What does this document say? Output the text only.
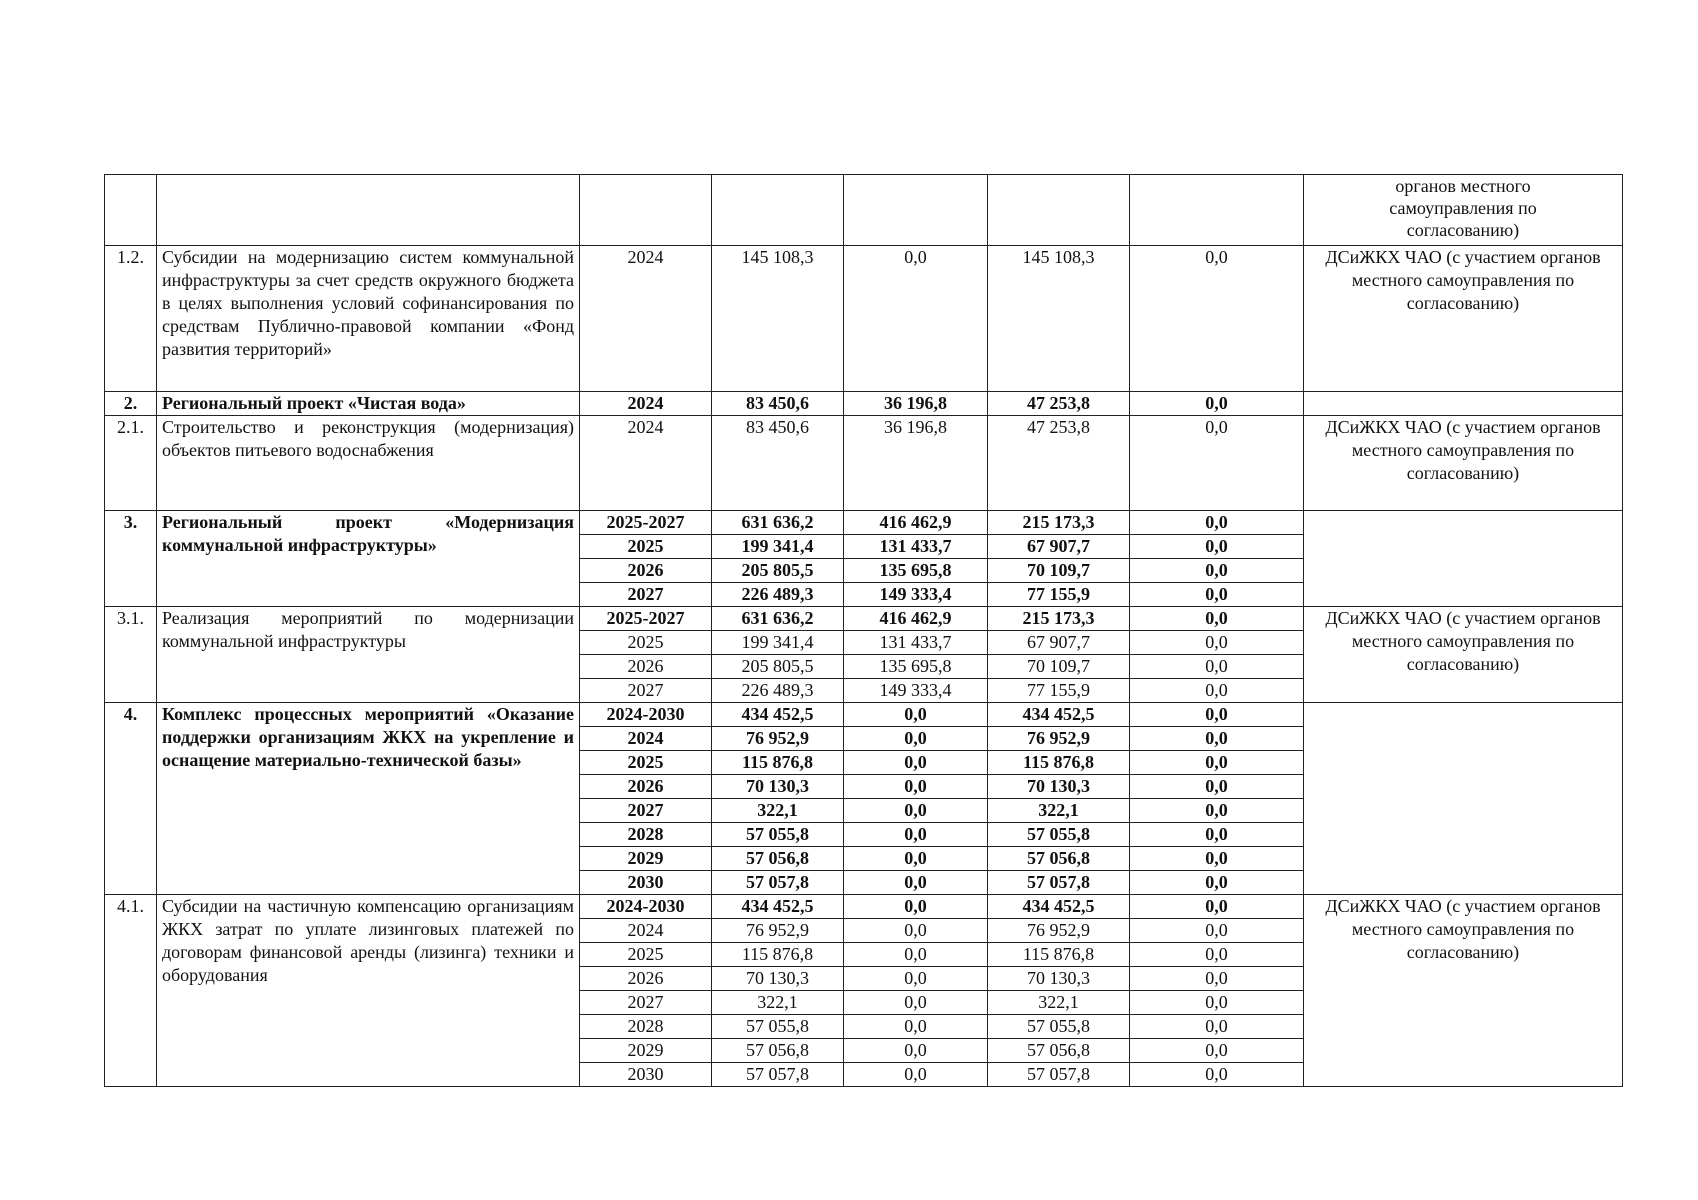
							органов местного
самоуправления по
согласованию)

1.2.	Субсидии на модернизацию систем коммунальной инфраструктуры за счет средств окружного бюджета в целях выполнения условий софинансирования по средствам Публично-правовой компании «Фонд развития территорий»	2024	145 108,3	0,0	145 108,3	0,0	ДСиЖКХ ЧАО (с участием органов местного самоуправления по согласованию)
2.	Региональный проект «Чистая вода»	2024	83 450,6	36 196,8	47 253,8	0,0	
2.1.	Строительство и реконструкция (модернизация) объектов питьевого водоснабжения	2024	83 450,6	36 196,8	47 253,8	0,0	ДСиЖКХ ЧАО (с участием органов местного самоуправления по согласованию)
3.	Региональный проект «Модернизация коммунальной инфраструктуры»	2025-2027	631 636,2	416 462,9	215 173,3	0,0	
		2025	199 341,4	131 433,7	67 907,7	0,0	
		2026	205 805,5	135 695,8	70 109,7	0,0	
		2027	226 489,3	149 333,4	77 155,9	0,0	
3.1.	Реализация мероприятий по модернизации коммунальной инфраструктуры	2025-2027	631 636,2	416 462,9	215 173,3	0,0	ДСиЖКХ ЧАО (с участием органов местного самоуправления по согласованию)
		2025	199 341,4	131 433,7	67 907,7	0,0	
		2026	205 805,5	135 695,8	70 109,7	0,0	
		2027	226 489,3	149 333,4	77 155,9	0,0	
4.	Комплекс процессных мероприятий «Оказание поддержки организациям ЖКХ на укрепление и оснащение материально-технической базы»	2024-2030	434 452,5	0,0	434 452,5	0,0	
		2024	76 952,9	0,0	76 952,9	0,0	
		2025	115 876,8	0,0	115 876,8	0,0	
		2026	70 130,3	0,0	70 130,3	0,0	
		2027	322,1	0,0	322,1	0,0	
		2028	57 055,8	0,0	57 055,8	0,0	
		2029	57 056,8	0,0	57 056,8	0,0	
		2030	57 057,8	0,0	57 057,8	0,0	
4.1.	Субсидии на частичную компенсацию организациям ЖКХ затрат по уплате лизинговых платежей по договорам финансовой аренды (лизинга) техники и оборудования	2024-2030	434 452,5	0,0	434 452,5	0,0	ДСиЖКХ ЧАО (с участием органов местного самоуправления по согласованию)
		2024	76 952,9	0,0	76 952,9	0,0	
		2025	115 876,8	0,0	115 876,8	0,0	
		2026	70 130,3	0,0	70 130,3	0,0	
		2027	322,1	0,0	322,1	0,0	
		2028	57 055,8	0,0	57 055,8	0,0	
		2029	57 056,8	0,0	57 056,8	0,0	
		2030	57 057,8	0,0	57 057,8	0,0	
